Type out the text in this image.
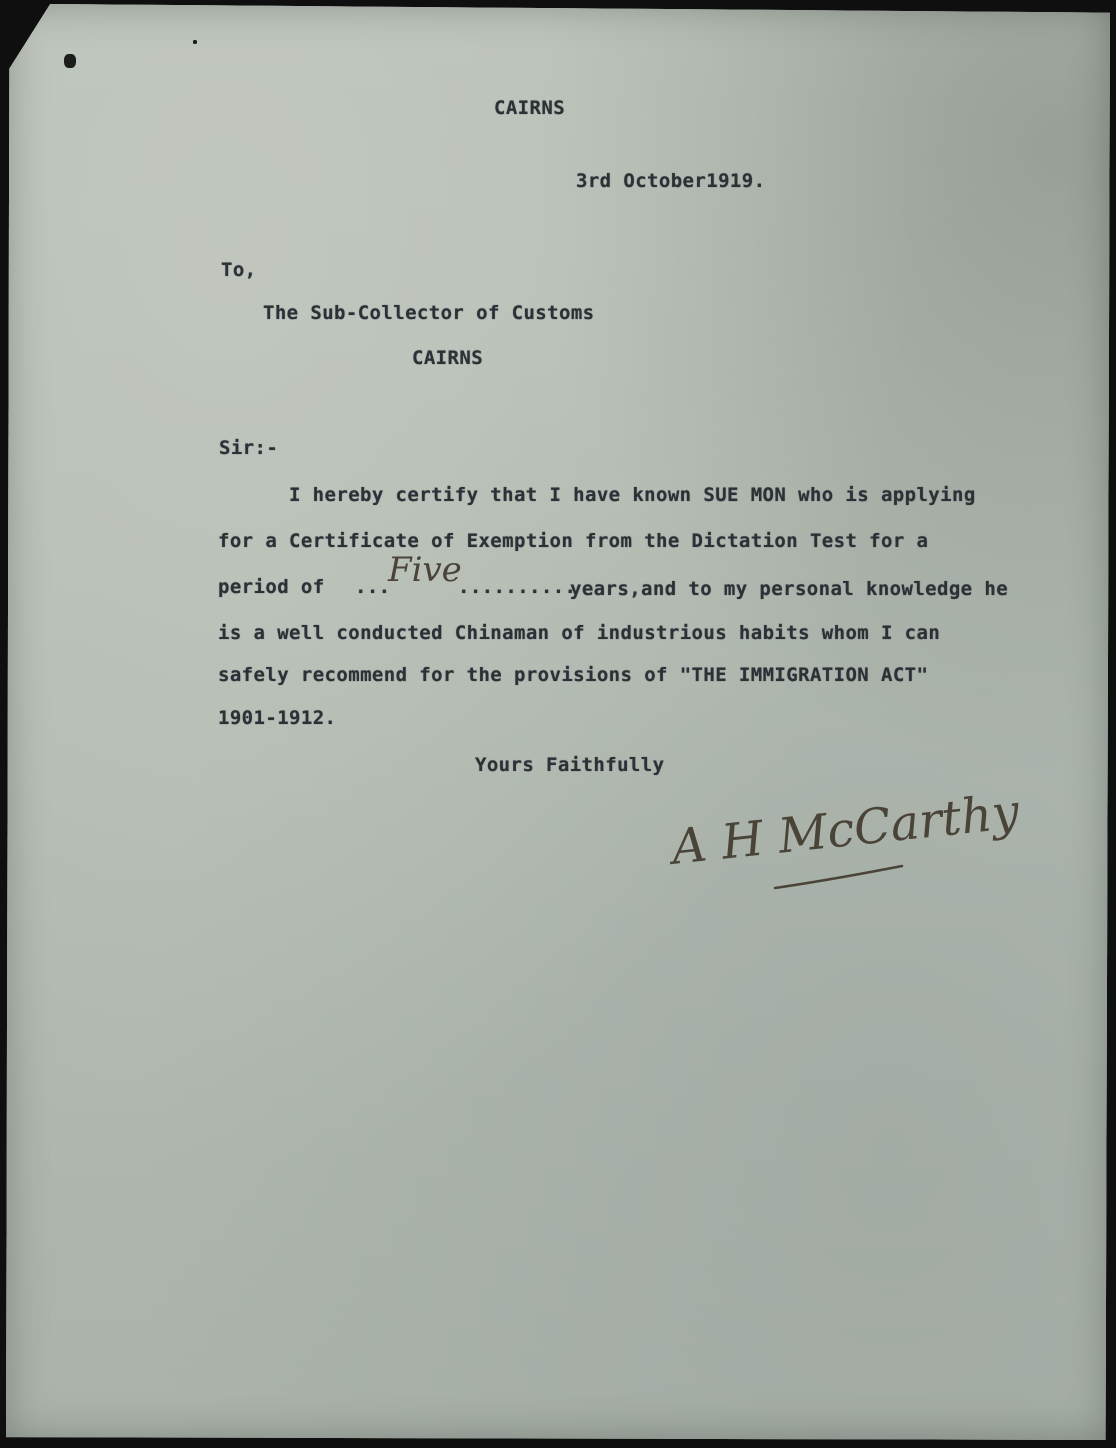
CAIRNS
3rd October1919.
To,
The Sub-Collector of Customs
CAIRNS
Sir:-
I hereby certify that I have known SUE MON who is applying
for a Certificate of Exemption from the Dictation Test for a
period of ...
Five
..........
years,and to my personal knowledge he
is a well conducted Chinaman of industrious habits whom I can
safely recommend for the provisions of "THE IMMIGRATION ACT"
1901-1912.
Yours Faithfully
A H McCarthy
